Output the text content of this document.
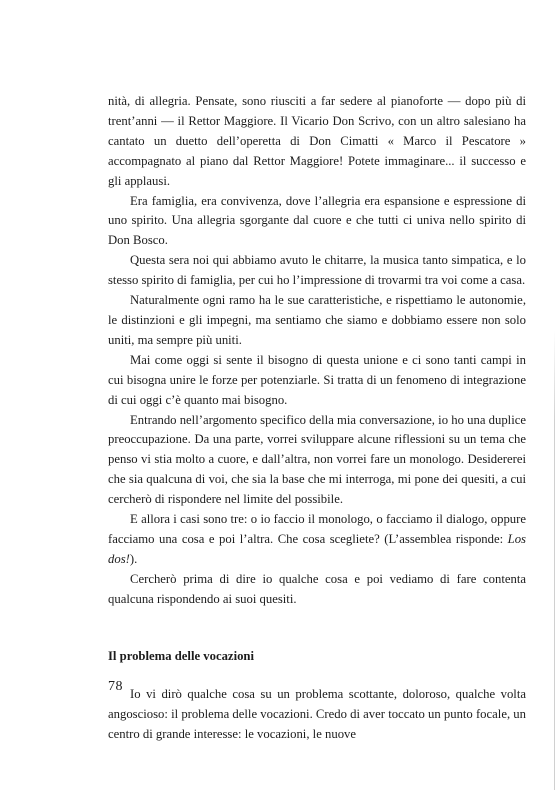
nità, di allegria. Pensate, sono riusciti a far sedere al pianoforte — dopo più di trent’anni — il Rettor Maggiore. Il Vicario Don Scrivo, con un altro salesiano ha cantato un duetto dell’operetta di Don Cimatti « Marco il Pescatore » accompagnato al piano dal Rettor Maggiore! Potete immaginare... il successo e gli applausi.

Era famiglia, era convivenza, dove l’allegria era espansione e espressione di uno spirito. Una allegria sgorgante dal cuore e che tutti ci univa nello spirito di Don Bosco.

Questa sera noi qui abbiamo avuto le chitarre, la musica tanto simpatica, e lo stesso spirito di famiglia, per cui ho l’impressione di trovarmi tra voi come a casa.

Naturalmente ogni ramo ha le sue caratteristiche, e rispettiamo le autonomie, le distinzioni e gli impegni, ma sentiamo che siamo e dobbiamo essere non solo uniti, ma sempre più uniti.

Mai come oggi si sente il bisogno di questa unione e ci sono tanti campi in cui bisogna unire le forze per potenziarle. Si tratta di un fenomeno di integrazione di cui oggi c’è quanto mai bisogno.

Entrando nell’argomento specifico della mia conversazione, io ho una duplice preoccupazione. Da una parte, vorrei sviluppare alcune riflessioni su un tema che penso vi stia molto a cuore, e dall’altra, non vorrei fare un monologo. Desidererei che sia qualcuna di voi, che sia la base che mi interroga, mi pone dei quesiti, a cui cercherò di rispondere nel limite del possibile.

E allora i casi sono tre: o io faccio il monologo, o facciamo il dialogo, oppure facciamo una cosa e poi l’altra. Che cosa scegliete? (L’assemblea risponde: Los dos!).

Cercherò prima di dire io qualche cosa e poi vediamo di fare contenta qualcuna rispondendo ai suoi quesiti.

Il problema delle vocazioni

Io vi dirò qualche cosa su un problema scottante, doloroso, qualche volta angoscioso: il problema delle vocazioni. Credo di aver toccato un punto focale, un centro di grande interesse: le vocazioni, le nuove

78
